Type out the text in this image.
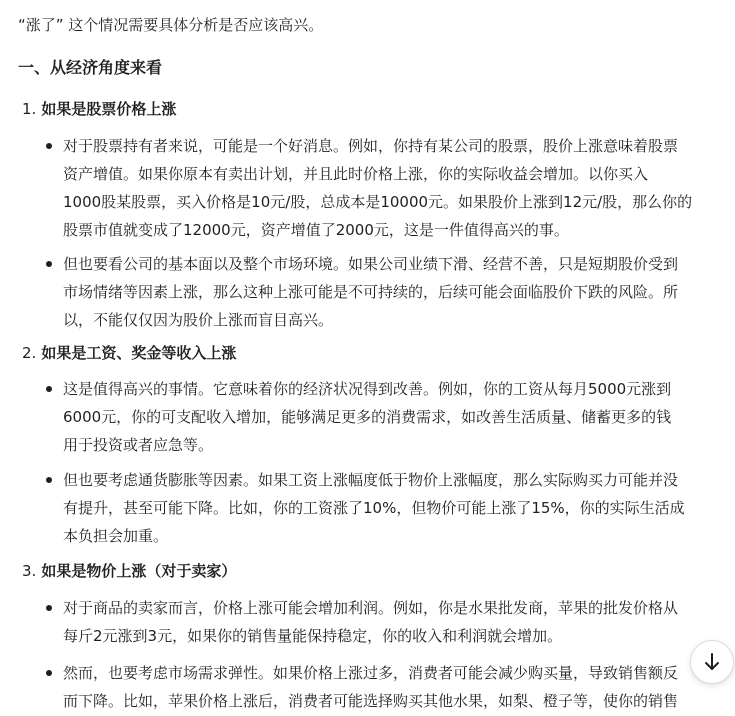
“涨了” 这个情况需要具体分析是否应该高兴。
一、从经济角度来看
1. 如果是股票价格上涨
对于股票持有者来说，可能是一个好消息。例如，你持有某公司的股票，股价上涨意味着股票
资产增值。如果你原本有卖出计划，并且此时价格上涨，你的实际收益会增加。以你买入
1000股某股票，买入价格是10元/股，总成本是10000元。如果股价上涨到12元/股，那么你的
股票市值就变成了12000元，资产增值了2000元，这是一件值得高兴的事。
但也要看公司的基本面以及整个市场环境。如果公司业绩下滑、经营不善，只是短期股价受到
市场情绪等因素上涨，那么这种上涨可能是不可持续的，后续可能会面临股价下跌的风险。所
以，不能仅仅因为股价上涨而盲目高兴。
2. 如果是工资、奖金等收入上涨
这是值得高兴的事情。它意味着你的经济状况得到改善。例如，你的工资从每月5000元涨到
6000元，你的可支配收入增加，能够满足更多的消费需求，如改善生活质量、储蓄更多的钱
用于投资或者应急等。
但也要考虑通货膨胀等因素。如果工资上涨幅度低于物价上涨幅度，那么实际购买力可能并没
有提升，甚至可能下降。比如，你的工资涨了10%，但物价可能上涨了15%，你的实际生活成
本负担会加重。
3. 如果是物价上涨（对于卖家）
对于商品的卖家而言，价格上涨可能会增加利润。例如，你是水果批发商，苹果的批发价格从
每斤2元涨到3元，如果你的销售量能保持稳定，你的收入和利润就会增加。
然而，也要考虑市场需求弹性。如果价格上涨过多，消费者可能会减少购买量，导致销售额反
而下降。比如，苹果价格上涨后，消费者可能选择购买其他水果，如梨、橙子等，使你的销售
